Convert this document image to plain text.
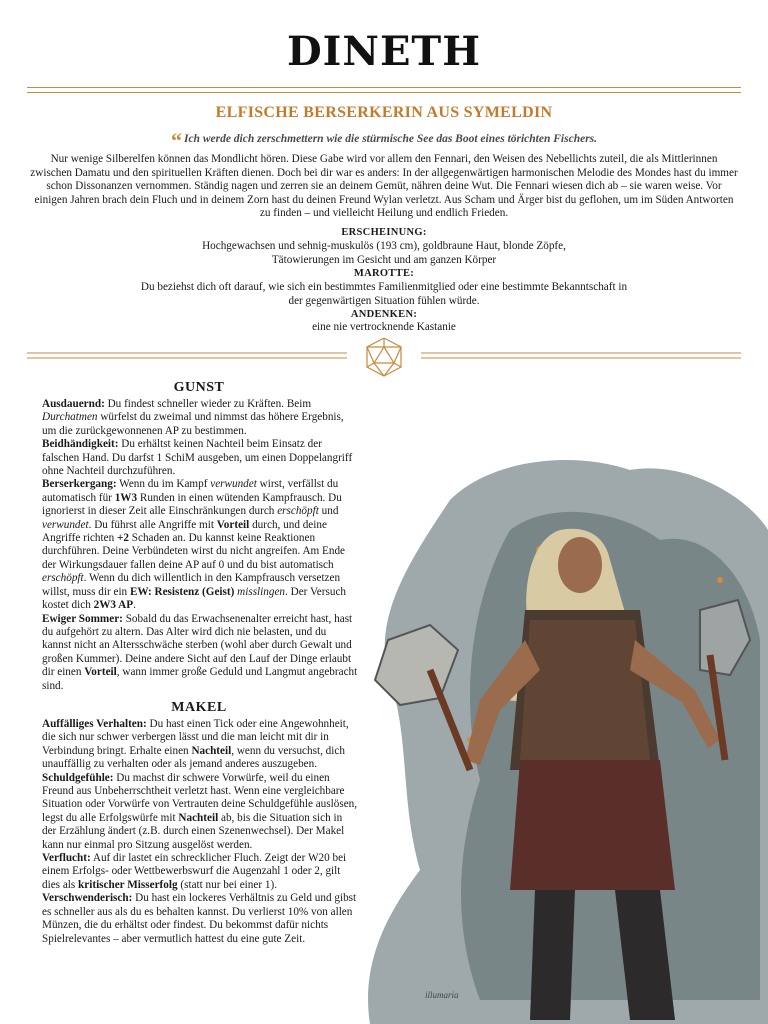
DINETH
ELFISCHE BERSERKERIN AUS SYMELDIN
“ Ich werde dich zerschmettern wie die stürmische See das Boot eines törichten Fischers.
Nur wenige Silberelfen können das Mondlicht hören. Diese Gabe wird vor allem den Fennari, den Weisen des Nebellichts zuteil, die als Mittlerinnen zwischen Damatu und den spirituellen Kräften dienen. Doch bei dir war es anders: In der allgegenwärtigen harmonischen Melodie des Mondes hast du immer schon Dissonanzen vernommen. Ständig nagen und zerren sie an deinem Gemüt, nähren deine Wut. Die Fennari wiesen dich ab – sie waren weise. Vor einigen Jahren brach dein Fluch und in deinem Zorn hast du deinen Freund Wylan verletzt. Aus Scham und Ärger bist du geflohen, um im Süden Antworten zu finden – und vielleicht Heilung und endlich Frieden.
ERSCHEINUNG:
Hochgewachsen und sehnig-muskulös (193 cm), goldbraune Haut, blonde Zöpfe,
Tätowierungen im Gesicht und am ganzen Körper
MAROTTE:
Du beziehst dich oft darauf, wie sich ein bestimmtes Familienmitglied oder eine bestimmte Bekanntschaft in
der gegenwärtigen Situation fühlen würde.
ANDENKEN:
eine nie vertrocknende Kastanie
GUNST

Ausdauernd: Du findest schneller wieder zu Kräften. Beim Durchatmen würfelst du zweimal und nimmst das höhere Ergebnis, um die zurückgewonnenen AP zu bestimmen.

Beidhändigkeit: Du erhältst keinen Nachteil beim Einsatz der falschen Hand. Du darfst 1 SchiM ausgeben, um einen Doppelangriff ohne Nachteil durchzuführen.

Berserkergang: Wenn du im Kampf verwundet wirst, verfällst du automatisch für 1W3 Runden in einen wütenden Kampfrausch. Du ignorierst in dieser Zeit alle Einschränkungen durch erschöpft und verwundet. Du führst alle Angriffe mit Vorteil durch, und deine Angriffe richten +2 Schaden an. Du kannst keine Reaktionen durchführen. Deine Verbündeten wirst du nicht angreifen. Am Ende der Wirkungsdauer fallen deine AP auf 0 und du bist automatisch erschöpft. Wenn du dich willentlich in den Kampfrausch versetzen willst, muss dir ein EW: Resistenz (Geist) misslingen. Der Versuch kostet dich 2W3 AP.

Ewiger Sommer: Sobald du das Erwachsenenalter erreicht hast, hast du aufgehört zu altern. Das Alter wird dich nie belasten, und du kannst nicht an Altersschwäche sterben (wohl aber durch Gewalt und großen Kummer). Deine andere Sicht auf den Lauf der Dinge erlaubt dir einen Vorteil, wann immer große Geduld und Langmut angebracht sind.

MAKEL

Auffälliges Verhalten: Du hast einen Tick oder eine Angewohnheit, die sich nur schwer verbergen lässt und die man leicht mit dir in Verbindung bringt. Erhalte einen Nachteil, wenn du versuchst, dich unauffällig zu verhalten oder als jemand anderes auszugeben.

Schuldgefühle: Du machst dir schwere Vorwürfe, weil du einen Freund aus Unbeherrschtheit verletzt hast. Wenn eine vergleichbare Situation oder Vorwürfe von Vertrauten deine Schuldgefühle auslösen, legst du alle Erfolgswürfe mit Nachteil ab, bis die Situation sich in der Erzählung ändert (z.B. durch einen Szenenwechsel). Der Makel kann nur einmal pro Sitzung ausgelöst werden.

Verflucht: Auf dir lastet ein schrecklicher Fluch. Zeigt der W20 bei einem Erfolgs- oder Wettbewerbswurf die Augenzahl 1 oder 2, gilt dies als kritischer Misserfolg (statt nur bei einer 1).

Verschwenderisch: Du hast ein lockeres Verhältnis zu Geld und gibst es schneller aus als du es behalten kannst. Du verlierst 10% von allen Münzen, die du erhältst oder findest. Du bekommst dafür nichts Spielrelevantes – aber vermutlich hattest du eine gute Zeit.

illumaria
